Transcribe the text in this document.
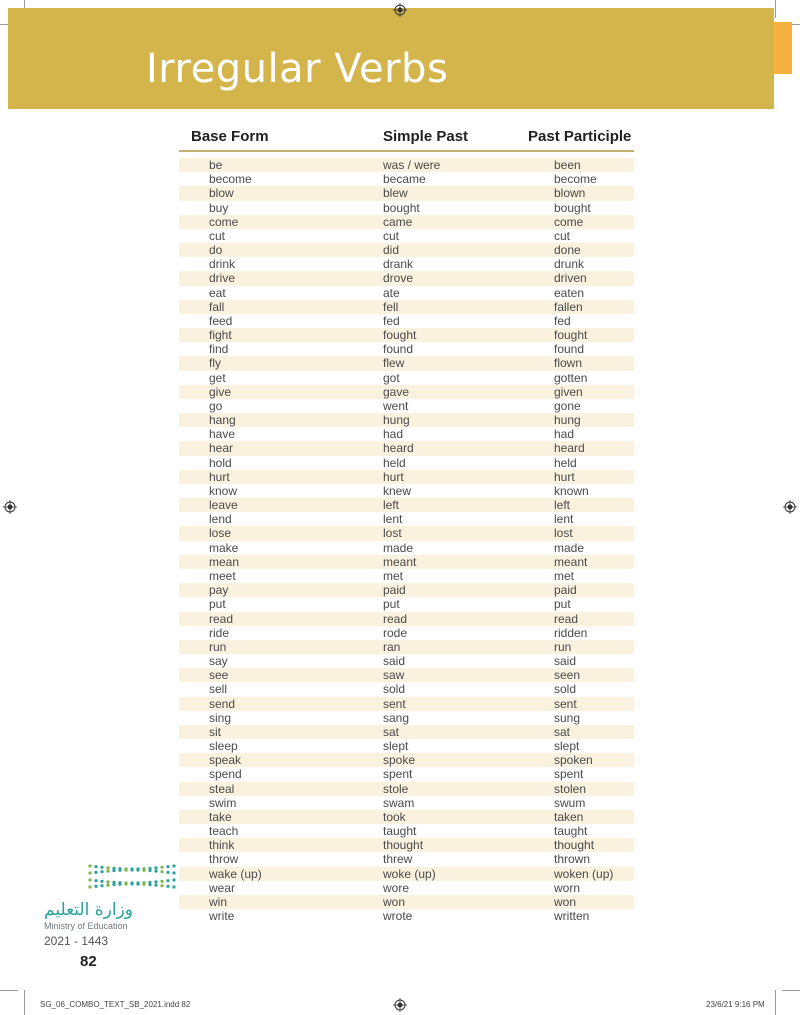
Irregular Verbs
Base Form	Simple Past	Past Participle
be	was / were	been
become	became	become
blow	blew	blown
buy	bought	bought
come	came	come
cut	cut	cut
do	did	done
drink	drank	drunk
drive	drove	driven
eat	ate	eaten
fall	fell	fallen
feed	fed	fed
fight	fought	fought
find	found	found
fly	flew	flown
get	got	gotten
give	gave	given
go	went	gone
hang	hung	hung
have	had	had
hear	heard	heard
hold	held	held
hurt	hurt	hurt
know	knew	known
leave	left	left
lend	lent	lent
lose	lost	lost
make	made	made
mean	meant	meant
meet	met	met
pay	paid	paid
put	put	put
read	read	read
ride	rode	ridden
run	ran	run
say	said	said
see	saw	seen
sell	sold	sold
send	sent	sent
sing	sang	sung
sit	sat	sat
sleep	slept	slept
speak	spoke	spoken
spend	spent	spent
steal	stole	stolen
swim	swam	swum
take	took	taken
teach	taught	taught
think	thought	thought
throw	threw	thrown
wake (up)	woke (up)	woken (up)
wear	wore	worn
win	won	won
write	wrote	written
وزارة التعليم
Ministry of Education
2021 - 1443
82
SG_06_COMBO_TEXT_SB_2021.indd 82	23/6/21 9:16 PM
